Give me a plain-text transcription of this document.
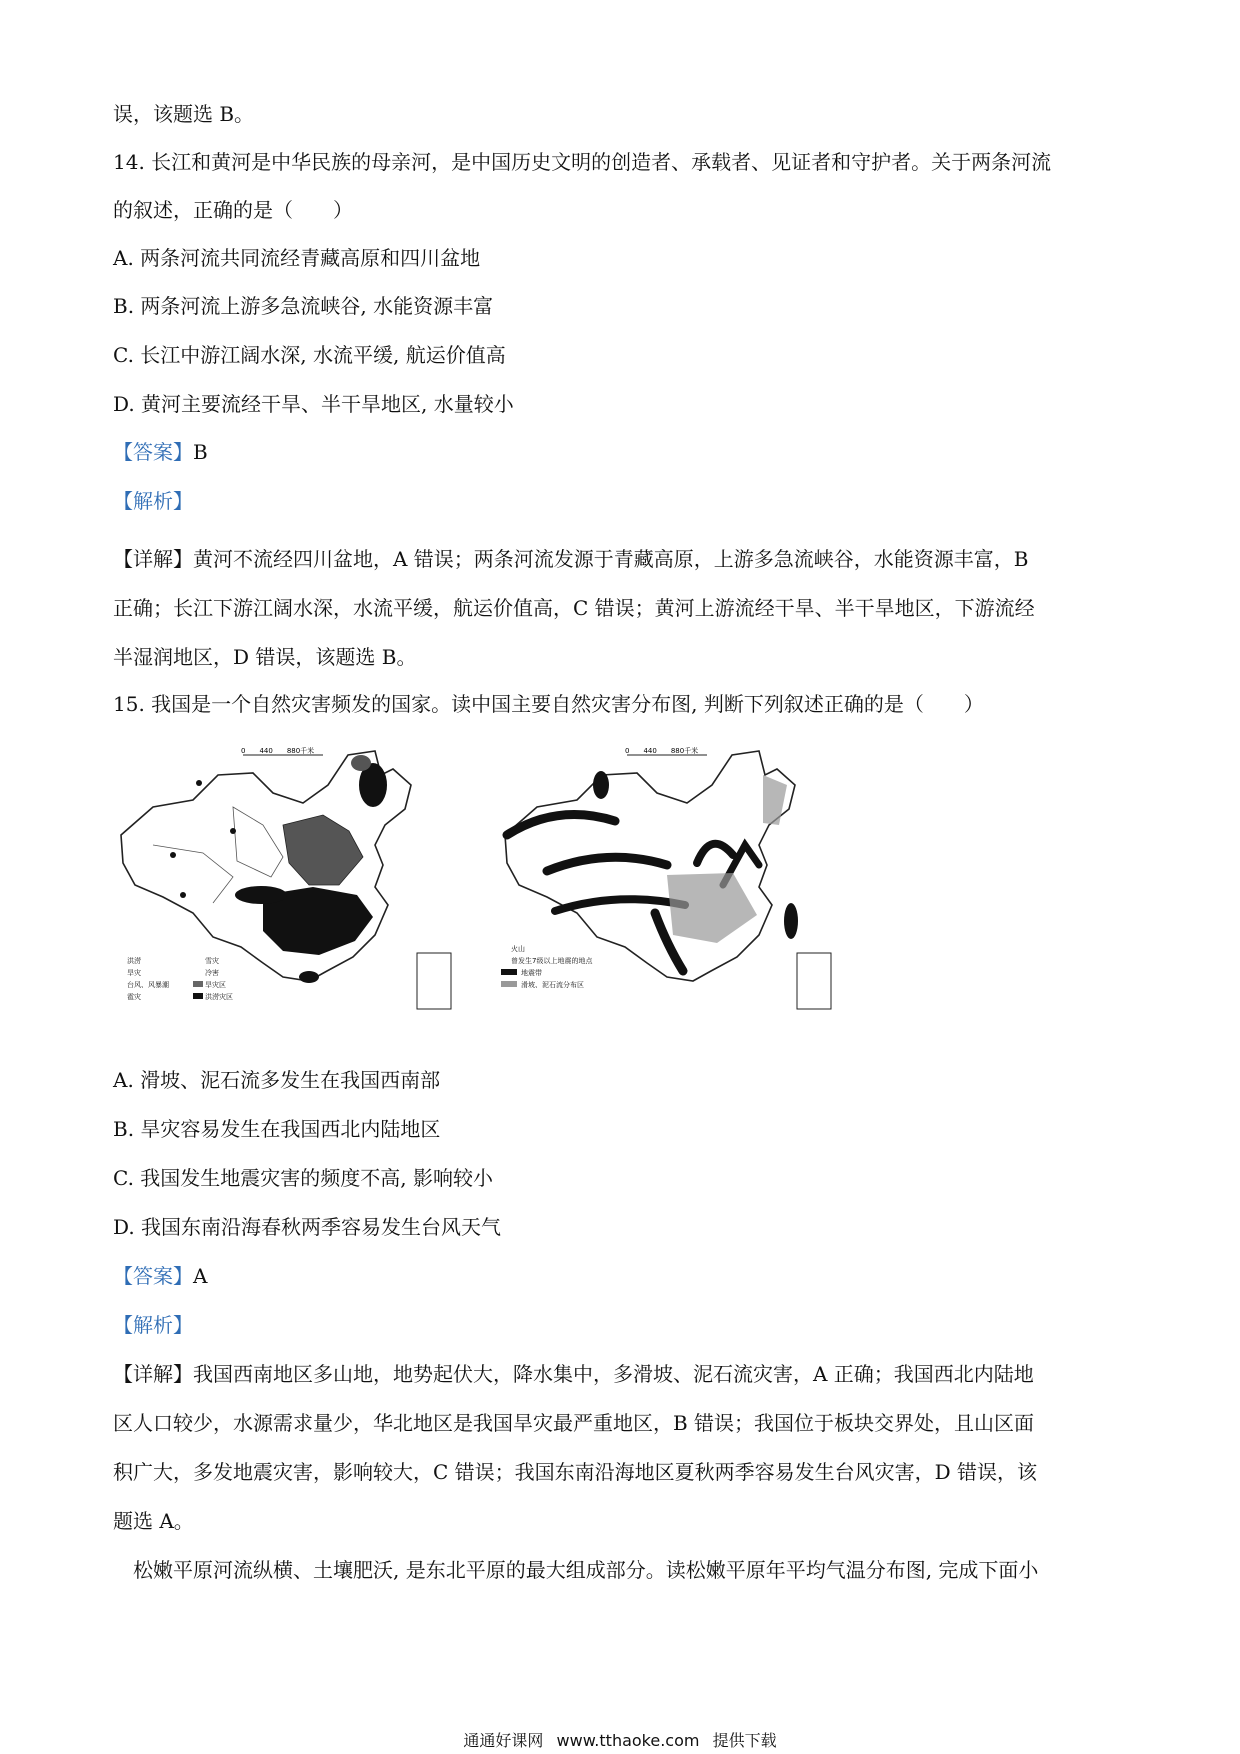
误，该题选 B。
14. 长江和黄河是中华民族的母亲河，是中国历史文明的创造者、承载者、见证者和守护者。关于两条河流
的叙述，正确的是（　　）
A. 两条河流共同流经青藏高原和四川盆地
B. 两条河流上游多急流峡谷, 水能资源丰富
C. 长江中游江阔水深, 水流平缓, 航运价值高
D. 黄河主要流经干旱、半干旱地区, 水量较小
【答案】B
【解析】
【详解】黄河不流经四川盆地，A 错误；两条河流发源于青藏高原，上游多急流峡谷，水能资源丰富，B
正确；长江下游江阔水深，水流平缓，航运价值高，C 错误；黄河上游流经干旱、半干旱地区，下游流经
半湿润地区，D 错误，该题选 B。
15. 我国是一个自然灾害频发的国家。读中国主要自然灾害分布图, 判断下列叙述正确的是（　　）
0　　440　　880千米
洪涝	雪灾
旱灾	冷害
台风、风暴潮	旱灾区
雹灾	洪涝灾区
0　　440　　880千米
火山
曾发生7级以上地震的地点
地震带
滑坡、泥石流分布区
A. 滑坡、泥石流多发生在我国西南部
B. 旱灾容易发生在我国西北内陆地区
C. 我国发生地震灾害的频度不高, 影响较小
D. 我国东南沿海春秋两季容易发生台风天气
【答案】A
【解析】
【详解】我国西南地区多山地，地势起伏大，降水集中，多滑坡、泥石流灾害，A 正确；我国西北内陆地
区人口较少，水源需求量少，华北地区是我国旱灾最严重地区，B 错误；我国位于板块交界处，且山区面
积广大，多发地震灾害，影响较大，C 错误；我国东南沿海地区夏秋两季容易发生台风灾害，D 错误，该
题选 A。
　松嫩平原河流纵横、土壤肥沃, 是东北平原的最大组成部分。读松嫩平原年平均气温分布图, 完成下面小
通通好课网 www.tthaoke.com 提供下载
